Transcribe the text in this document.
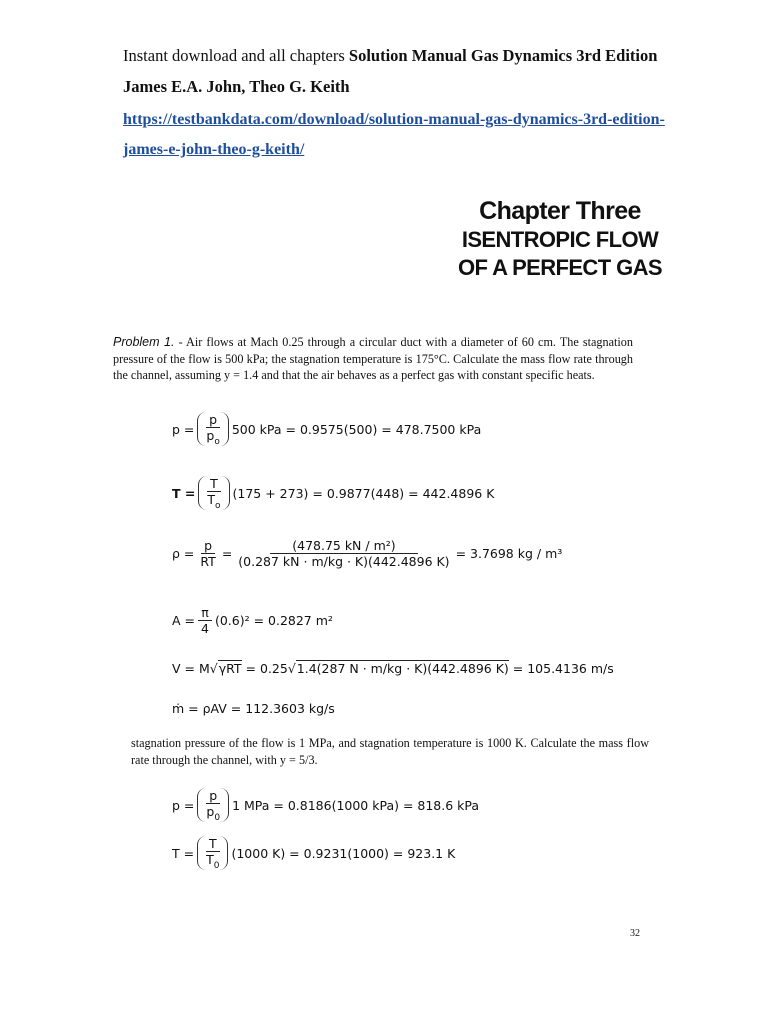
Instant download and all chapters Solution Manual Gas Dynamics 3rd Edition
James E.A. John, Theo G. Keith
https://testbankdata.com/download/solution-manual-gas-dynamics-3rd-edition-
james-e-john-theo-g-keith/
Chapter Three
ISENTROPIC FLOW
OF A PERFECT GAS
Problem 1. - Air flows at Mach 0.25 through a circular duct with a diameter of 60 cm. The stagnation pressure of the flow is 500 kPa; the stagnation temperature is 175°C. Calculate the mass flow rate through the channel, assuming y = 1.4 and that the air behaves as a perfect gas with constant specific heats.
$p = \frac{p}{p_o} 500$ kPa = 0.9575(500) = 478.7500 kPa
$T = \frac{T}{T_o} (175 + 273) = 0.9877(448) = 442.4896$ K
$\rho = \frac{p}{RT} = \frac{\text{(478.75 kN / m²)}}{(0.287 kN \cdot m/kg \cdot K)(442.4896 K)} = 3.7698$ kg / m³
$A = \frac{\pi}{4} (0.6)^2 = 0.2827$ m²
V = M √ γRT = 0.25 √ 1.4(287 N · m/kg · K)(442.4896 K) = 105.4136 m/s
ṁ = ρAV = 112.3603 kg/s
stagnation pressure of the flow is 1 MPa, and stagnation temperature is 1000 K. Calculate the mass flow rate through the channel, with y = 5/3.
$p = \frac{p}{p_0} 1$ MPa = 0.8186(1000 kPa) = 818.6 kPa
$T = \frac{T}{T_0} (1000$ K) = 0.9231(1000) = 923.1 K
32
